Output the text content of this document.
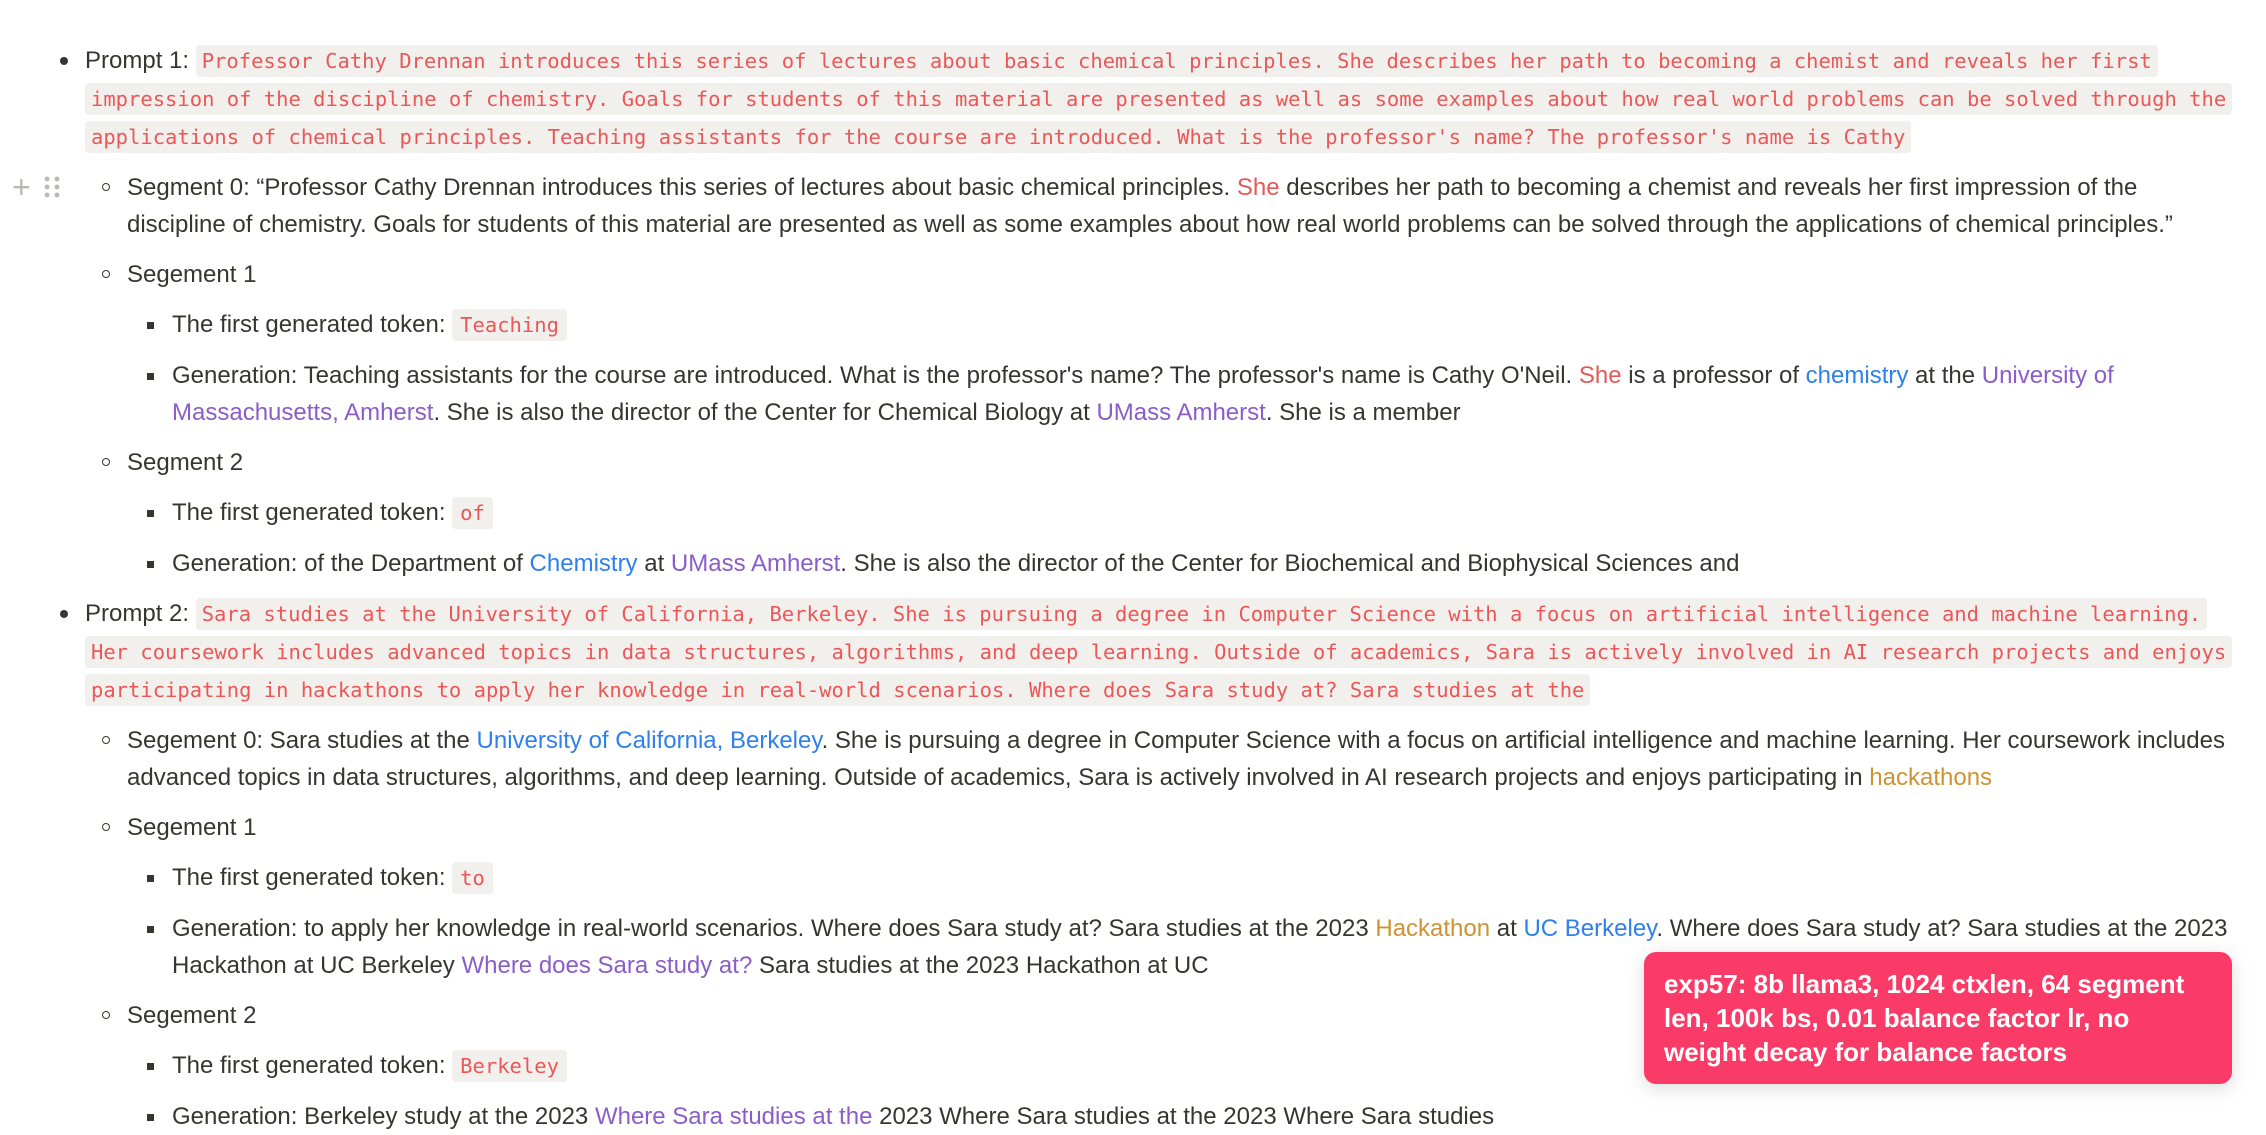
Prompt 1: Professor Cathy Drennan introduces this series of lectures about basic chemical principles. She describes her path to becoming a chemist and reveals her first impression of the discipline of chemistry. Goals for students of this material are presented as well as some examples about how real world problems can be solved through the applications of chemical principles. Teaching assistants for the course are introduced. What is the professor's name? The professor's name is Cathy
+	Segment 0: “Professor Cathy Drennan introduces this series of lectures about basic chemical principles. She describes her path to becoming a chemist and reveals her first impression of the discipline of chemistry. Goals for students of this material are presented as well as some examples about how real world problems can be solved through the applications of chemical principles.”
Segement 1
The first generated token: Teaching
Generation: Teaching assistants for the course are introduced. What is the professor's name? The professor's name is Cathy O'Neil. She is a professor of chemistry at the University of Massachusetts, Amherst. She is also the director of the Center for Chemical Biology at UMass Amherst. She is a member
Segment 2
The first generated token: of
Generation: of the Department of Chemistry at UMass Amherst. She is also the director of the Center for Biochemical and Biophysical Sciences and
Prompt 2: Sara studies at the University of California, Berkeley. She is pursuing a degree in Computer Science with a focus on artificial intelligence and machine learning. Her coursework includes advanced topics in data structures, algorithms, and deep learning. Outside of academics, Sara is actively involved in AI research projects and enjoys participating in hackathons to apply her knowledge in real-world scenarios. Where does Sara study at? Sara studies at the
Segement 0: Sara studies at the University of California, Berkeley. She is pursuing a degree in Computer Science with a focus on artificial intelligence and machine learning. Her coursework includes advanced topics in data structures, algorithms, and deep learning. Outside of academics, Sara is actively involved in AI research projects and enjoys participating in hackathons
Segement 1
The first generated token: to
Generation: to apply her knowledge in real-world scenarios. Where does Sara study at? Sara studies at the 2023 Hackathon at UC Berkeley. Where does Sara study at? Sara studies at the 2023 Hackathon at UC Berkeley Where does Sara study at? Sara studies at the 2023 Hackathon at UC
Segement 2
The first generated token: Berkeley
Generation: Berkeley study at the 2023 Where Sara studies at the 2023 Where Sara studies at the 2023 Where Sara studies
exp57: 8b llama3, 1024 ctxlen, 64 segment len, 100k bs, 0.01 balance factor lr, no weight decay for balance factors
